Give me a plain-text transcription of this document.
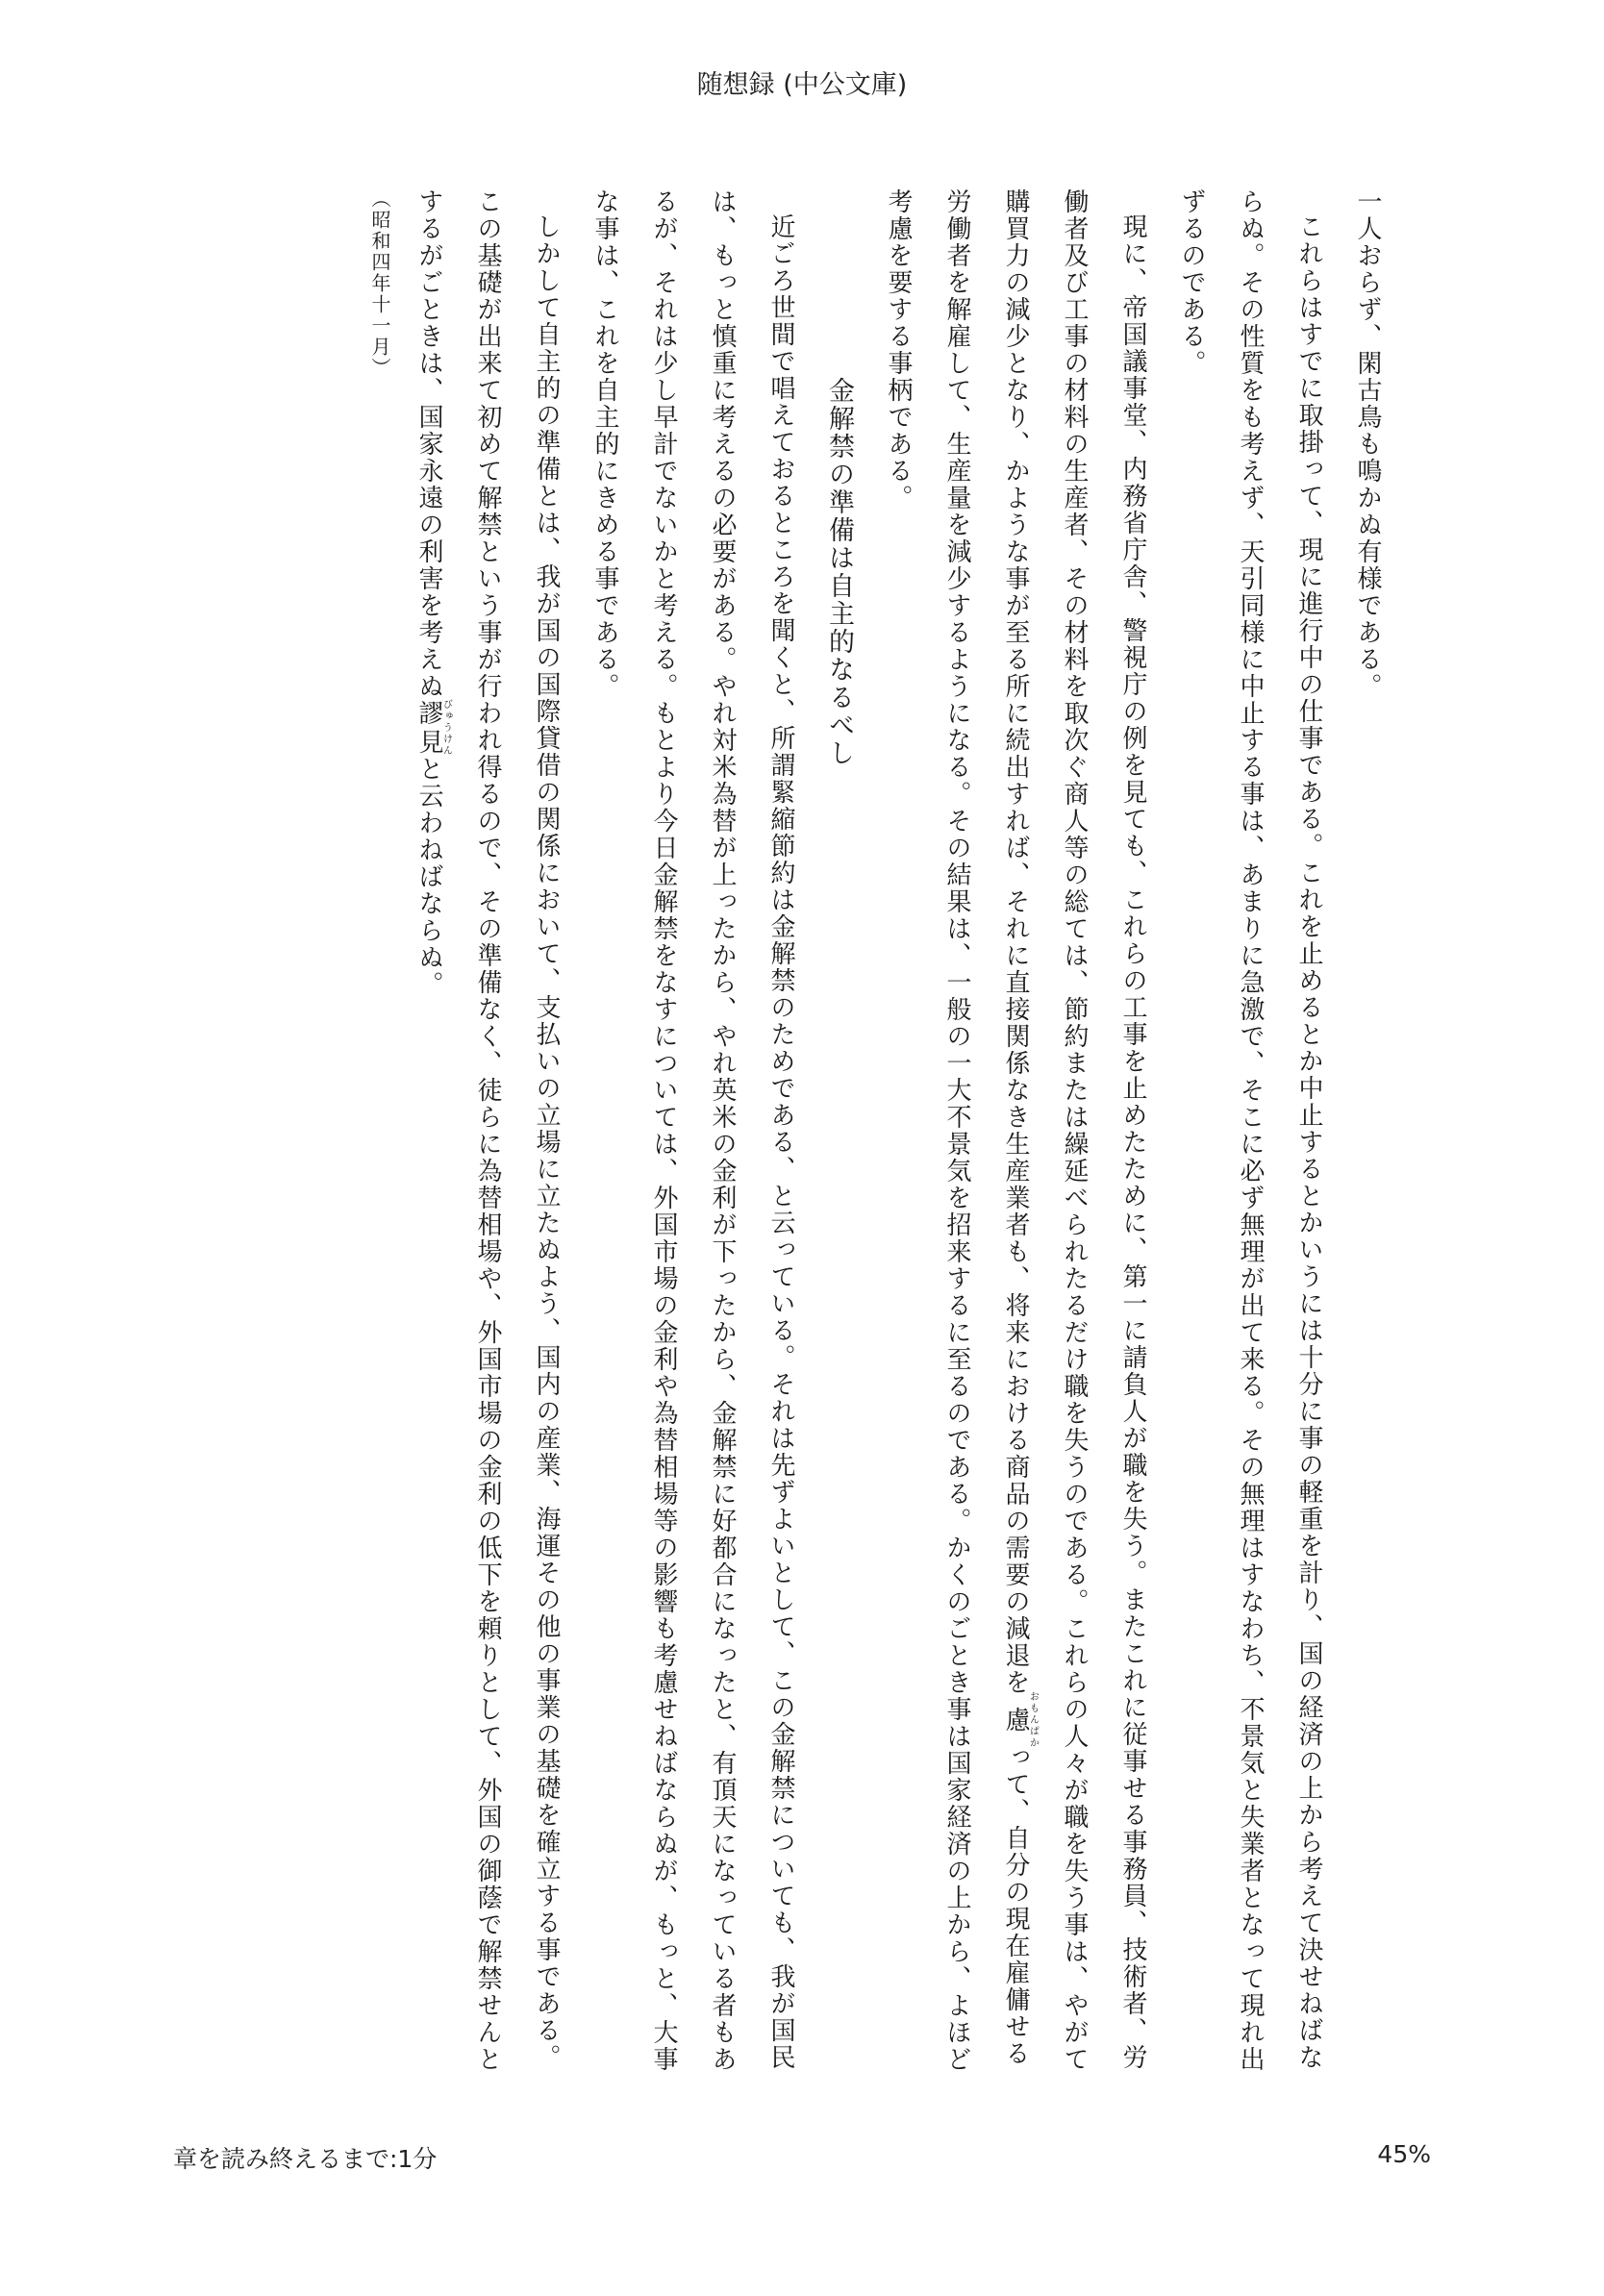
随想録 (中公文庫)

一人おらず、閑古鳥も鳴かぬ有様である。

これらはすでに取掛って、現に進行中の仕事である。これを止めるとか中止するとかいうには十分に事の軽重を計り、国の経済の上から考えて決せねばならぬ。その性質をも考えず、天引同様に中止する事は、あまりに急激で、そこに必ず無理が出て来る。その無理はすなわち、不景気と失業者となって現れ出ずるのである。

現に、帝国議事堂、内務省庁舎、警視庁の例を見ても、これらの工事を止めたために、第一に請負人が職を失う。またこれに従事せる事務員、技術者、労働者及び工事の材料の生産者、その材料を取次ぐ商人等の総ては、節約または繰延べられたるだけ職を失うのである。これらの人々が職を失う事は、やがて購買力の減少となり、かような事が至る所に続出すれば、それに直接関係なき生産業者も、将来における商品の需要の減退を慮おもんぱかって、自分の現在雇傭せる労働者を解雇して、生産量を減少するようになる。その結果は、一般の一大不景気を招来するに至るのである。かくのごとき事は国家経済の上から、よほど考慮を要する事柄である。

金解禁の準備は自主的なるべし

近ごろ世間で唱えておるところを聞くと、所謂緊縮節約は金解禁のためである、と云っている。それは先ずよいとして、この金解禁についても、我が国民は、もっと慎重に考えるの必要がある。やれ対米為替が上ったから、やれ英米の金利が下ったから、金解禁に好都合になったと、有頂天になっている者もあるが、それは少し早計でないかと考える。もとより今日金解禁をなすについては、外国市場の金利や為替相場等の影響も考慮せねばならぬが、もっと、大事な事は、これを自主的にきめる事である。

しかして自主的の準備とは、我が国の国際貸借の関係において、支払いの立場に立たぬよう、国内の産業、海運その他の事業の基礎を確立する事である。この基礎が出来て初めて解禁という事が行われ得るので、その準備なく、徒らに為替相場や、外国市場の金利の低下を頼りとして、外国の御蔭で解禁せんとするがごときは、国家永遠の利害を考えぬ謬見びゅうけんと云わねばならぬ。

（昭和四年十一月）

章を読み終えるまで:1分	45%
